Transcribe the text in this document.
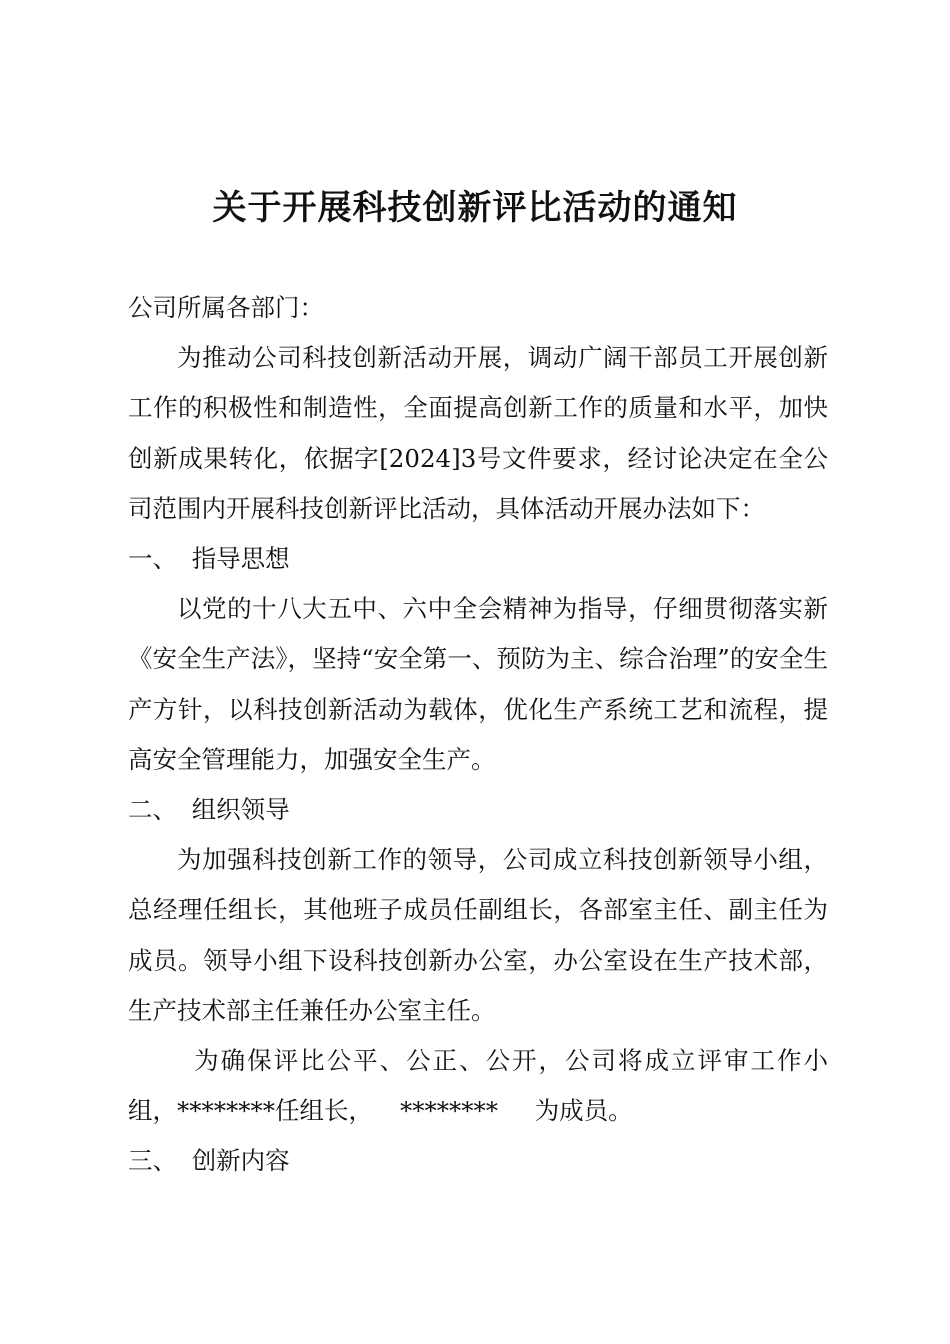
关于开展科技创新评比活动的通知

公司所属各部门：

为推动公司科技创新活动开展，调动广阔干部员工开展创新工作的积极性和制造性，全面提高创新工作的质量和水平，加快创新成果转化，依据字[2024]3号文件要求，经讨论决定在全公司范围内开展科技创新评比活动，具体活动开展办法如下：

一、 指导思想

以党的十八大五中、六中全会精神为指导，仔细贯彻落实新《安全生产法》，坚持“安全第一、预防为主、综合治理”的安全生产方针，以科技创新活动为载体，优化生产系统工艺和流程，提高安全管理能力，加强安全生产。

二、 组织领导

为加强科技创新工作的领导，公司成立科技创新领导小组，总经理任组长，其他班子成员任副组长，各部室主任、副主任为成员。领导小组下设科技创新办公室，办公室设在生产技术部，生产技术部主任兼任办公室主任。

为确保评比公平、公正、公开，公司将成立评审工作小组，********任组长， ******** 为成员。

三、 创新内容
